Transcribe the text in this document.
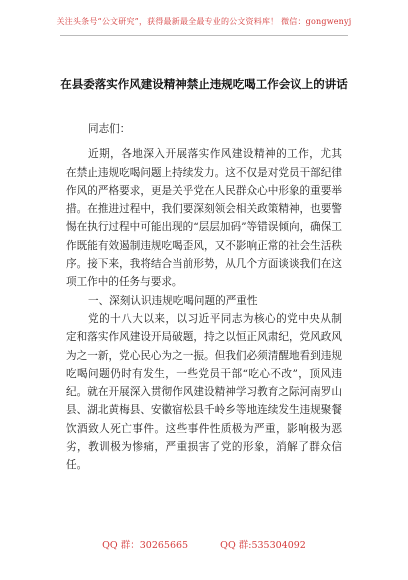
关注头条号“公文研究”，获得最新最全最专业的公文资料库！ 微信：gongwenyj
在县委落实作风建设精神禁止违规吃喝工作会议上的讲话

同志们：

近期，各地深入开展落实作风建设精神的工作，尤其在禁止违规吃喝问题上持续发力。这不仅是对党员干部纪律作风的严格要求，更是关乎党在人民群众心中形象的重要举措。在推进过程中，我们要深刻领会相关政策精神，也要警惕在执行过程中可能出现的“层层加码”等错误倾向，确保工作既能有效遏制违规吃喝歪风，又不影响正常的社会生活秩序。接下来，我将结合当前形势，从几个方面谈谈我们在这项工作中的任务与要求。

一、深刻认识违规吃喝问题的严重性

党的十八大以来，以习近平同志为核心的党中央从制定和落实作风建设开局破题，持之以恒正风肃纪，党风政风为之一新，党心民心为之一振。但我们必须清醒地看到违规吃喝问题仍时有发生，一些党员干部“吃心不改”，顶风违纪。就在开展深入贯彻作风建设精神学习教育之际河南罗山县、湖北黄梅县、安徽宿松县千岭乡等地连续发生违规聚餐饮酒致人死亡事件。这些事件性质极为严重，影响极为恶劣，教训极为惨痛，严重损害了党的形象，消解了群众信任。

QQ 群：30265665	QQ 群:535304092
